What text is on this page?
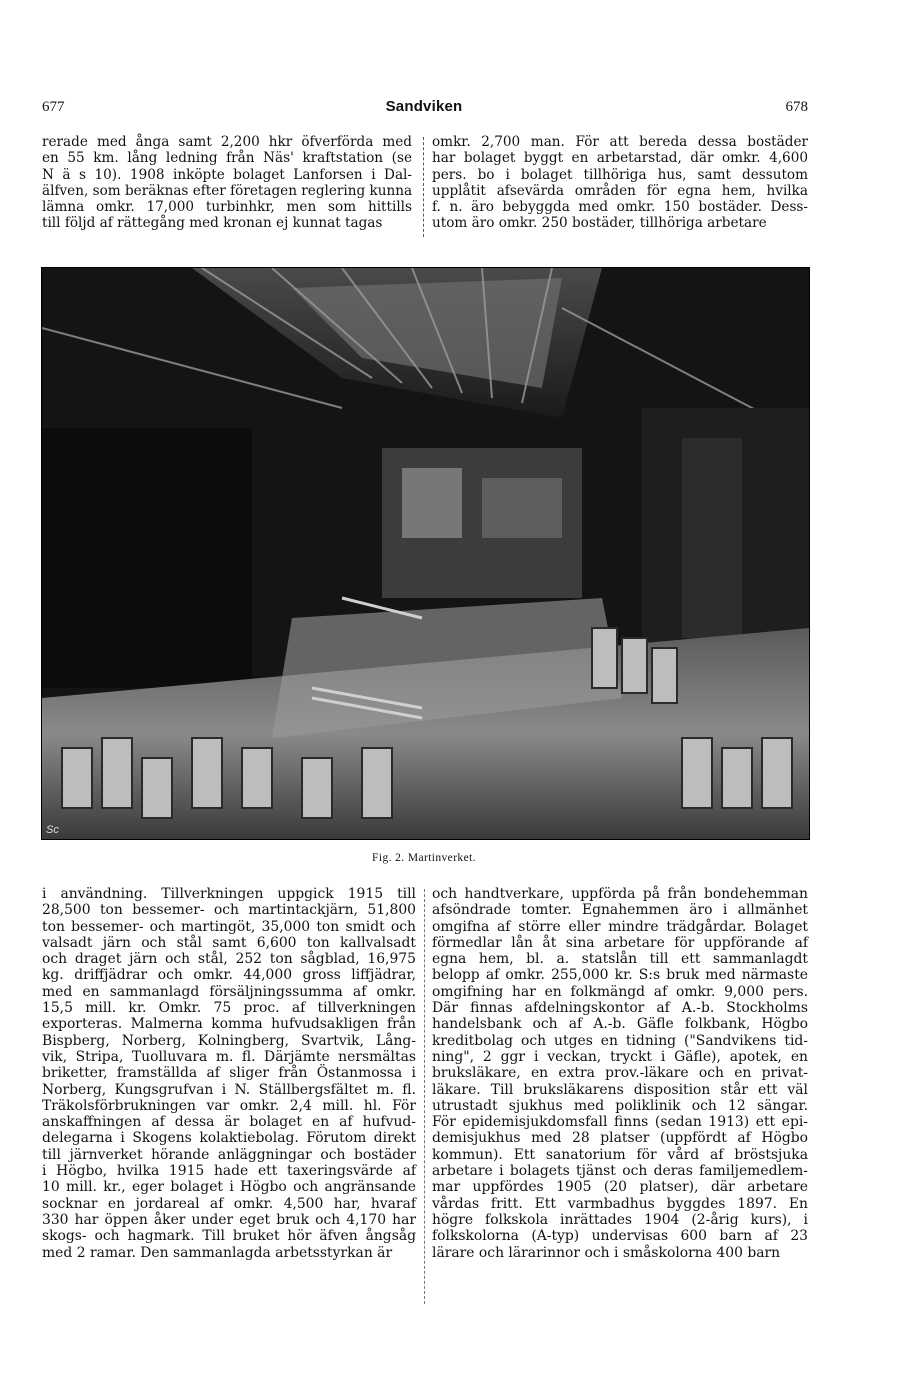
677	Sandviken	678
rerade med ånga samt 2,200 hkr öfverförda med
en 55 km. lång ledning från Näs' kraftstation (se
N ä s 10). 1908 inköpte bolaget Lanforsen i Dal-
älfven, som beräknas efter företagen reglering kunna
lämna omkr. 17,000 turbinhkr, men som hittills
till följd af rättegång med kronan ej kunnat tagas
omkr. 2,700 man. För att bereda dessa bostäder
har bolaget byggt en arbetarstad, där omkr. 4,600
pers. bo i bolaget tillhöriga hus, samt dessutom
upplåtit afsevärda områden för egna hem, hvilka
f. n. äro bebyggda med omkr. 150 bostäder. Dess-
utom äro omkr. 250 bostäder, tillhöriga arbetare
Sc
Fig. 2. Martinverket.
i användning. Tillverkningen uppgick 1915 till
28,500 ton bessemer- och martintackjärn, 51,800
ton bessemer- och martingöt, 35,000 ton smidt och
valsadt järn och stål samt 6,600 ton kallvalsadt
och draget järn och stål, 252 ton sågblad, 16,975
kg. driffjädrar och omkr. 44,000 gross liffjädrar,
med en sammanlagd försäljningssumma af omkr.
15,5 mill. kr. Omkr. 75 proc. af tillverkningen
exporteras. Malmerna komma hufvudsakligen från
Bispberg, Norberg, Kolningberg, Svartvik, Lång-
vik, Stripa, Tuolluvara m. fl. Därjämte nersmältas
briketter, framställda af sliger från Östanmossa i
Norberg, Kungsgrufvan i N. Ställbergsfältet m. fl.
Träkolsförbrukningen var omkr. 2,4 mill. hl. För
anskaffningen af dessa är bolaget en af hufvud-
delegarna i Skogens kolaktiebolag. Förutom direkt
till järnverket hörande anläggningar och bostäder
i Högbo, hvilka 1915 hade ett taxeringsvärde af
10 mill. kr., eger bolaget i Högbo och angränsande
socknar en jordareal af omkr. 4,500 har, hvaraf
330 har öppen åker under eget bruk och 4,170 har
skogs- och hagmark. Till bruket hör äfven ångsåg
med 2 ramar. Den sammanlagda arbetsstyrkan är
och handtverkare, uppförda på från bondehemman
afsöndrade tomter. Egnahemmen äro i allmänhet
omgifna af större eller mindre trädgårdar. Bolaget
förmedlar lån åt sina arbetare för uppförande af
egna hem, bl. a. statslån till ett sammanlagdt
belopp af omkr. 255,000 kr. S:s bruk med närmaste
omgifning har en folkmängd af omkr. 9,000 pers.
Där finnas afdelningskontor af A.-b. Stockholms
handelsbank och af A.-b. Gäfle folkbank, Högbo
kreditbolag och utges en tidning ("Sandvikens tid-
ning", 2 ggr i veckan, tryckt i Gäfle), apotek, en
bruksläkare, en extra prov.-läkare och en privat-
läkare. Till bruksläkarens disposition står ett väl
utrustadt sjukhus med poliklinik och 12 sängar.
För epidemisjukdomsfall finns (sedan 1913) ett epi-
demisjukhus med 28 platser (uppfördt af Högbo
kommun). Ett sanatorium för vård af bröstsjuka
arbetare i bolagets tjänst och deras familjemedlem-
mar uppfördes 1905 (20 platser), där arbetare
vårdas fritt. Ett varmbadhus byggdes 1897. En
högre folkskola inrättades 1904 (2-årig kurs), i
folkskolorna (A-typ) undervisas 600 barn af 23
lärare och lärarinnor och i småskolorna 400 barn
